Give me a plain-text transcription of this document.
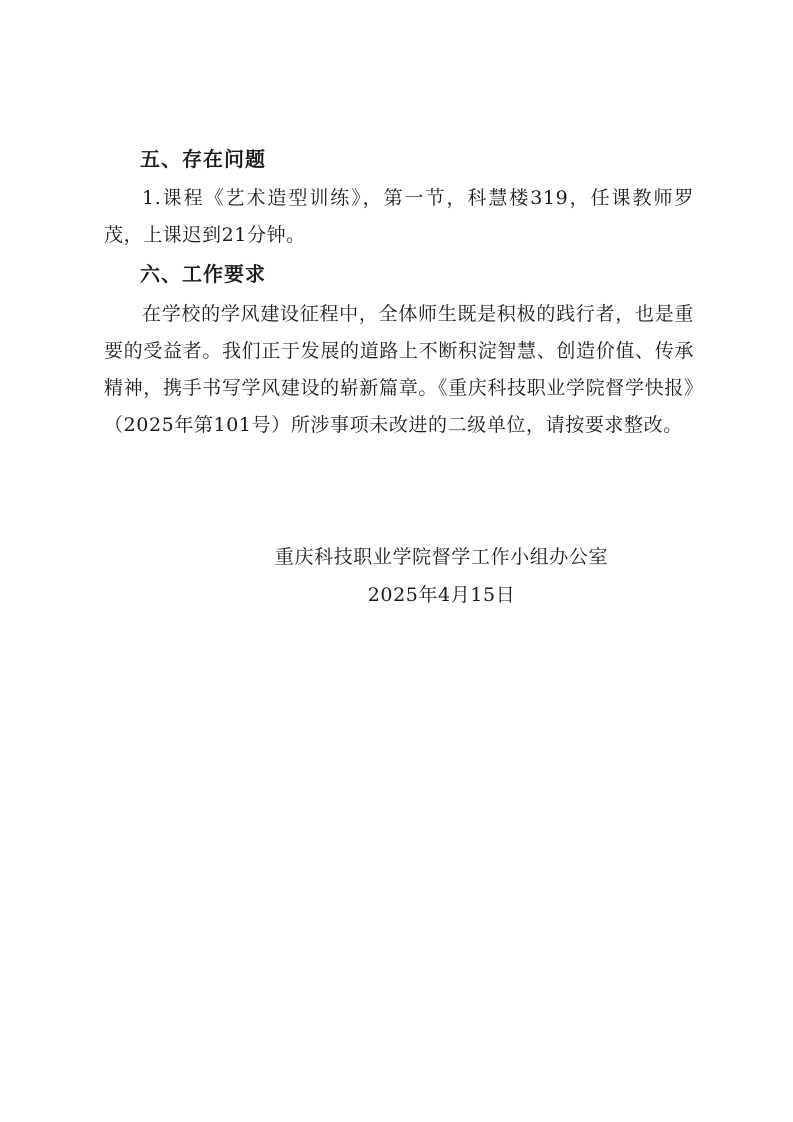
五、存在问题

1.课程《艺术造型训练》，第一节，科慧楼319，任课教师罗茂，上课迟到21分钟。

六、工作要求

在学校的学风建设征程中，全体师生既是积极的践行者，也是重要的受益者。我们正于发展的道路上不断积淀智慧、创造价值、传承精神，携手书写学风建设的崭新篇章。《重庆科技职业学院督学快报》（2025年第101号）所涉事项未改进的二级单位，请按要求整改。

重庆科技职业学院督学工作小组办公室

2025年4月15日
